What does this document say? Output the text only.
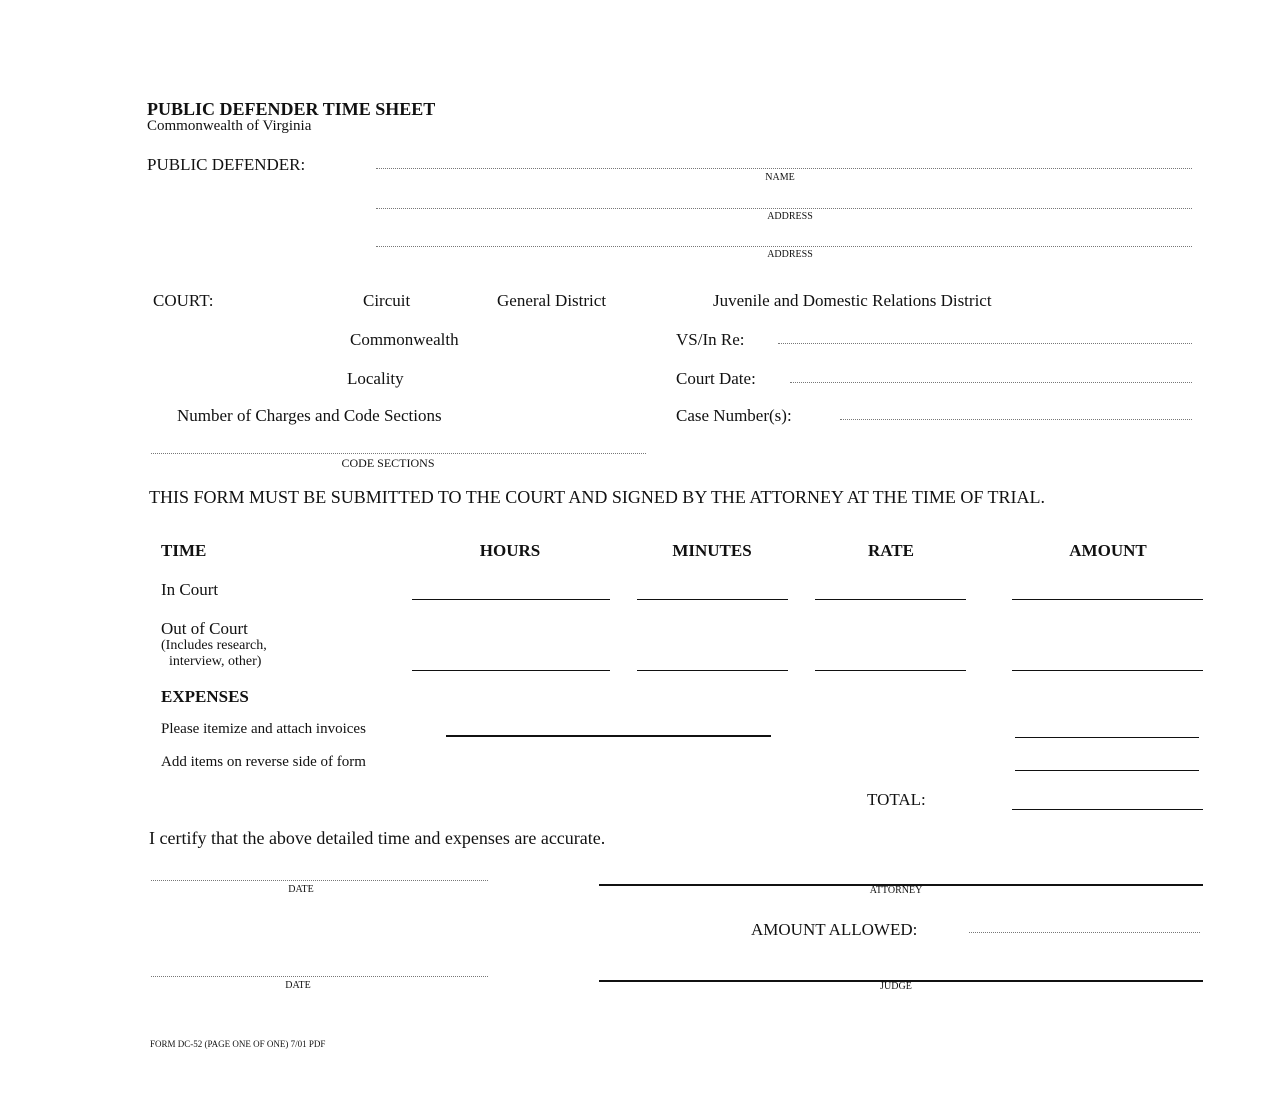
PUBLIC DEFENDER TIME SHEET
Commonwealth of Virginia
PUBLIC DEFENDER:
NAME
ADDRESS
ADDRESS
COURT:	Circuit	General District	Juvenile and Domestic Relations District
Commonwealth	VS/In Re:
Locality	Court Date:
Number of Charges and Code Sections	Case Number(s):
CODE SECTIONS
THIS FORM MUST BE SUBMITTED TO THE COURT AND SIGNED BY THE ATTORNEY AT THE TIME OF TRIAL.
TIME	HOURS	MINUTES	RATE	AMOUNT
In Court
Out of Court
(Includes research,
interview, other)
EXPENSES
Please itemize and attach invoices
Add items on reverse side of form
TOTAL:
I certify that the above detailed time and expenses are accurate.
DATE	ATTORNEY
AMOUNT ALLOWED:
DATE	JUDGE
FORM DC-52 (PAGE ONE OF ONE) 7/01 PDF
